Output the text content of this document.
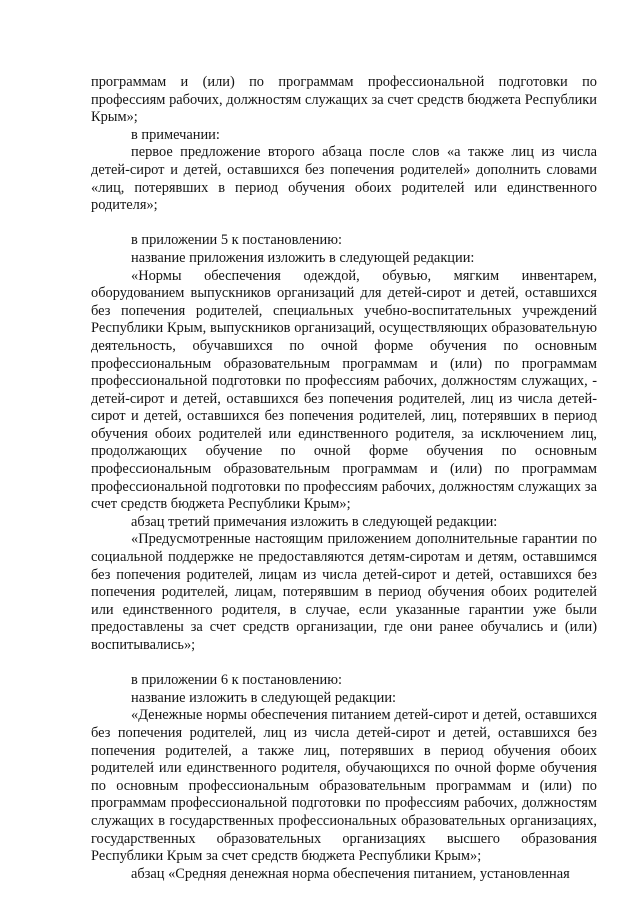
программам и (или) по программам профессиональной подготовки по профессиям рабочих, должностям служащих за счет средств бюджета Республики Крым»;

в примечании:

первое предложение второго абзаца после слов «а также лиц из числа детей-сирот и детей, оставшихся без попечения родителей» дополнить словами «лиц, потерявших в период обучения обоих родителей или единственного родителя»;

в приложении 5 к постановлению:

название приложения изложить в следующей редакции:

«Нормы обеспечения одеждой, обувью, мягким инвентарем, оборудованием выпускников организаций для детей-сирот и детей, оставшихся без попечения родителей, специальных учебно-воспитательных учреждений Республики Крым, выпускников организаций, осуществляющих образовательную деятельность, обучавшихся по очной форме обучения по основным профессиональным образовательным программам и (или) по программам профессиональной подготовки по профессиям рабочих, должностям служащих, - детей-сирот и детей, оставшихся без попечения родителей, лиц из числа детей-сирот и детей, оставшихся без попечения родителей, лиц, потерявших в период обучения обоих родителей или единственного родителя, за исключением лиц, продолжающих обучение по очной форме обучения по основным профессиональным образовательным программам и (или) по программам профессиональной подготовки по профессиям рабочих, должностям служащих за счет средств бюджета Республики Крым»;

абзац третий примечания изложить в следующей редакции:

«Предусмотренные настоящим приложением дополнительные гарантии по социальной поддержке не предоставляются детям-сиротам и детям, оставшимся без попечения родителей, лицам из числа детей-сирот и детей, оставшихся без попечения родителей, лицам, потерявшим в период обучения обоих родителей или единственного родителя, в случае, если указанные гарантии уже были предоставлены за счет средств организации, где они ранее обучались и (или) воспитывались»;

в приложении 6 к постановлению:

название изложить в следующей редакции:

«Денежные нормы обеспечения питанием детей-сирот и детей, оставшихся без попечения родителей, лиц из числа детей-сирот и детей, оставшихся без попечения родителей, а также лиц, потерявших в период обучения обоих родителей или единственного родителя, обучающихся по очной форме обучения по основным профессиональным образовательным программам и (или) по программам профессиональной подготовки по профессиям рабочих, должностям служащих в государственных профессиональных образовательных организациях, государственных образовательных организациях высшего образования Республики Крым за счет средств бюджета Республики Крым»;

абзац «Средняя денежная норма обеспечения питанием, установленная
